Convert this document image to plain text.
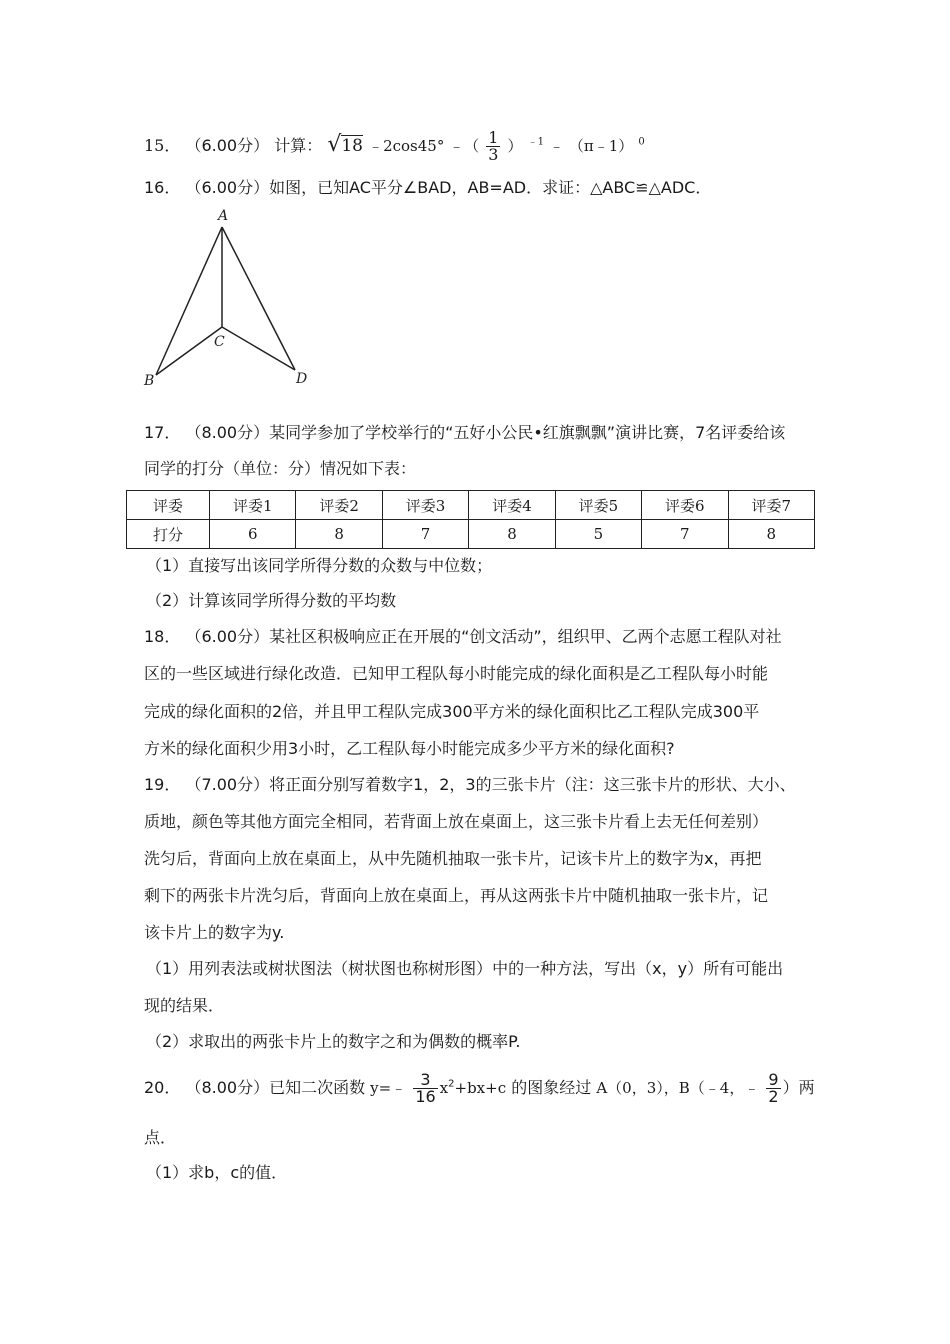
15． （6.00分） 计算： √18 ﹣2cos45° ﹣（ $\frac{1}{3}$ ） $^{﹣1}$ ﹣ （π﹣1） $^0$
16． （6.00分）如图，已知AC平分∠BAD，AB=AD．求证：△ABC≌△ADC．
A
B
C
D
17． （8.00分）某同学参加了学校举行的“五好小公民•红旗飘飘”演讲比赛，7名评委给该
同学的打分（单位：分）情况如下表：
评委	评委1	评委2	评委3	评委4	评委5	评委6	评委7
打分	6	8	7	8	5	7	8
（1）直接写出该同学所得分数的众数与中位数；
（2）计算该同学所得分数的平均数
18． （6.00分）某社区积极响应正在开展的“创文活动”，组织甲、乙两个志愿工程队对社
区的一些区域进行绿化改造．已知甲工程队每小时能完成的绿化面积是乙工程队每小时能
完成的绿化面积的2倍，并且甲工程队完成300平方米的绿化面积比乙工程队完成300平
方米的绿化面积少用3小时，乙工程队每小时能完成多少平方米的绿化面积?
19． （7.00分）将正面分别写着数字1，2，3的三张卡片（注：这三张卡片的形状、大小、
质地，颜色等其他方面完全相同，若背面上放在桌面上，这三张卡片看上去无任何差别）
洗匀后，背面向上放在桌面上，从中先随机抽取一张卡片，记该卡片上的数字为x，再把
剩下的两张卡片洗匀后，背面向上放在桌面上，再从这两张卡片中随机抽取一张卡片，记
该卡片上的数字为y.
（1）用列表法或树状图法（树状图也称树形图）中的一种方法，写出（x，y）所有可能出
现的结果．
（2）求取出的两张卡片上的数字之和为偶数的概率P.
20． （8.00分）已知二次函数 y=﹣ $\frac{3}{16} x^2+bx+c$ 的图象经过 A（0，3），B（﹣4，﹣ $\frac{9}{2}$ ）两
点．
（1）求b，c的值．
